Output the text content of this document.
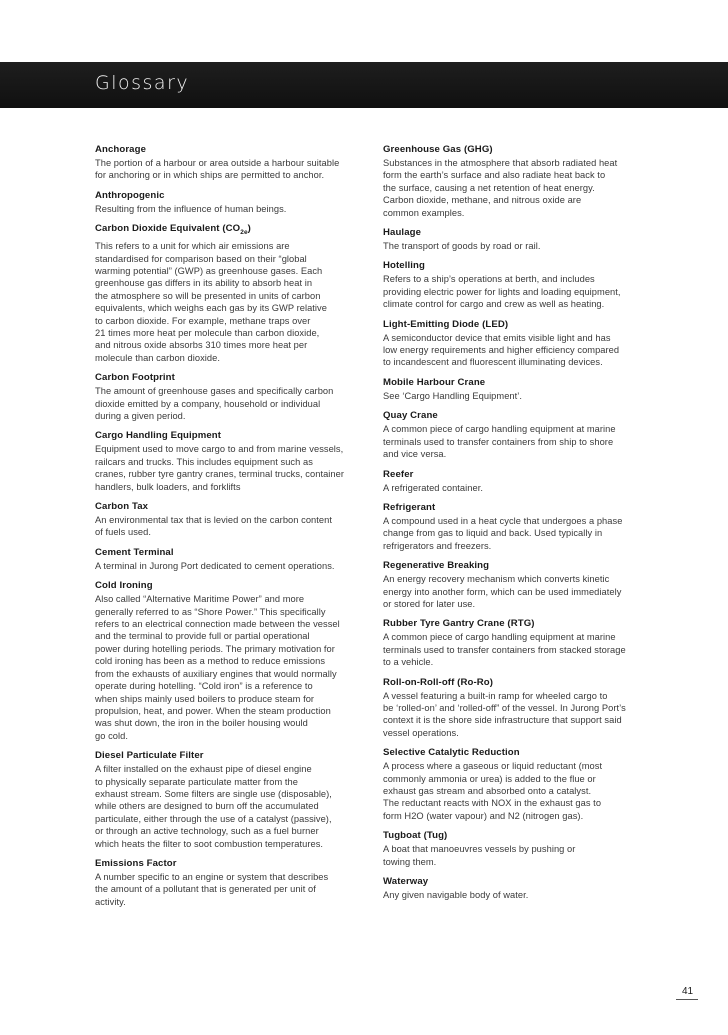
Glossary
Anchorage
The portion of a harbour or area outside a harbour suitable
for anchoring or in which ships are permitted to anchor.
Anthropogenic
Resulting from the influence of human beings.
Carbon Dioxide Equivalent $(CO_{2e})$
This refers to a unit for which air emissions are
standardised for comparison based on their “global
warming potential” (GWP) as greenhouse gases. Each
greenhouse gas differs in its ability to absorb heat in
the atmosphere so will be presented in units of carbon
equivalents, which weighs each gas by its GWP relative
to carbon dioxide. For example, methane traps over
21 times more heat per molecule than carbon dioxide,
and nitrous oxide absorbs 310 times more heat per
molecule than carbon dioxide.
Carbon Footprint
The amount of greenhouse gases and specifically carbon
dioxide emitted by a company, household or individual
during a given period.
Cargo Handling Equipment
Equipment used to move cargo to and from marine vessels,
railcars and trucks. This includes equipment such as
cranes, rubber tyre gantry cranes, terminal trucks, container
handlers, bulk loaders, and forklifts
Carbon Tax
An environmental tax that is levied on the carbon content
of fuels used.
Cement Terminal
A terminal in Jurong Port dedicated to cement operations.
Cold Ironing
Also called “Alternative Maritime Power” and more
generally referred to as “Shore Power.” This specifically
refers to an electrical connection made between the vessel
and the terminal to provide full or partial operational
power during hotelling periods. The primary motivation for
cold ironing has been as a method to reduce emissions
from the exhausts of auxiliary engines that would normally
operate during hotelling. “Cold iron” is a reference to
when ships mainly used boilers to produce steam for
propulsion, heat, and power. When the steam production
was shut down, the iron in the boiler housing would
go cold.
Diesel Particulate Filter
A filter installed on the exhaust pipe of diesel engine
to physically separate particulate matter from the
exhaust stream. Some filters are single use (disposable),
while others are designed to burn off the accumulated
particulate, either through the use of a catalyst (passive),
or through an active technology, such as a fuel burner
which heats the filter to soot combustion temperatures.
Emissions Factor
A number specific to an engine or system that describes
the amount of a pollutant that is generated per unit of
activity.
Greenhouse Gas (GHG)
Substances in the atmosphere that absorb radiated heat
form the earth’s surface and also radiate heat back to
the surface, causing a net retention of heat energy.
Carbon dioxide, methane, and nitrous oxide are
common examples.
Haulage
The transport of goods by road or rail.
Hotelling
Refers to a ship’s operations at berth, and includes
providing electric power for lights and loading equipment,
climate control for cargo and crew as well as heating.
Light-Emitting Diode (LED)
A semiconductor device that emits visible light and has
low energy requirements and higher efficiency compared
to incandescent and fluorescent illuminating devices.
Mobile Harbour Crane
See ‘Cargo Handling Equipment’.
Quay Crane
A common piece of cargo handling equipment at marine
terminals used to transfer containers from ship to shore
and vice versa.
Reefer
A refrigerated container.
Refrigerant
A compound used in a heat cycle that undergoes a phase
change from gas to liquid and back. Used typically in
refrigerators and freezers.
Regenerative Breaking
An energy recovery mechanism which converts kinetic
energy into another form, which can be used immediately
or stored for later use.
Rubber Tyre Gantry Crane (RTG)
A common piece of cargo handling equipment at marine
terminals used to transfer containers from stacked storage
to a vehicle.
Roll-on-Roll-off (Ro-Ro)
A vessel featuring a built-in ramp for wheeled cargo to
be ‘rolled-on’ and ‘rolled-off” of the vessel. In Jurong Port’s
context it is the shore side infrastructure that support said
vessel operations.
Selective Catalytic Reduction
A process where a gaseous or liquid reductant (most
commonly ammonia or urea) is added to the flue or
exhaust gas stream and absorbed onto a catalyst.
The reductant reacts with NOX in the exhaust gas to
form H2O (water vapour) and N2 (nitrogen gas).
Tugboat (Tug)
A boat that manoeuvres vessels by pushing or
towing them.
Waterway
Any given navigable body of water.
41
